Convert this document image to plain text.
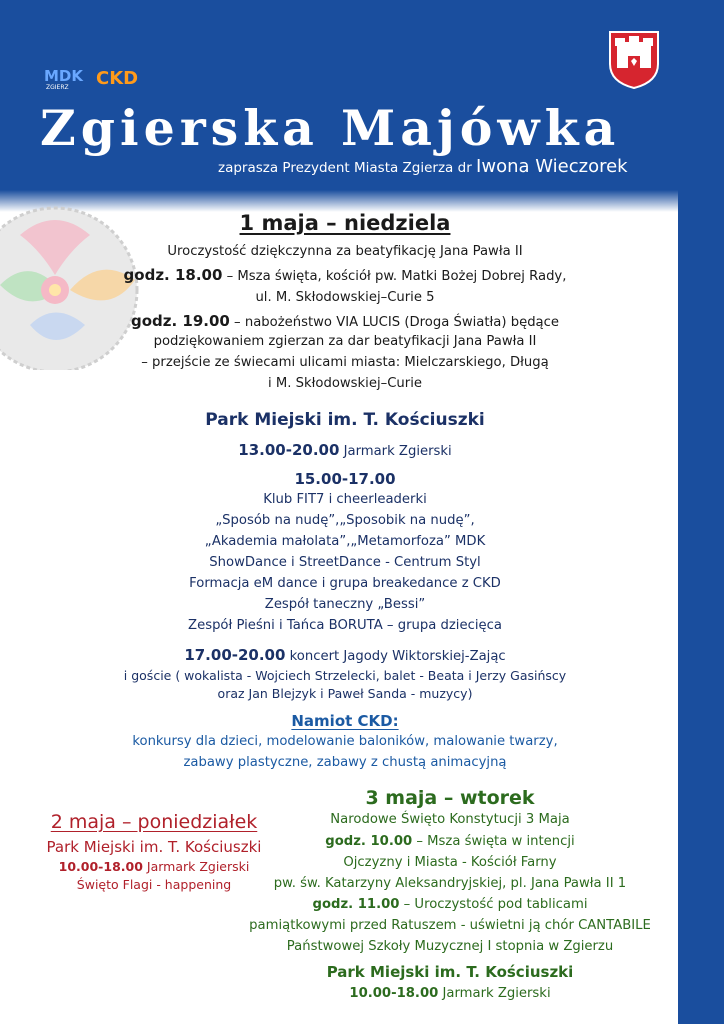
MDK
ZGIERZ CKD
Zgierska Majówka
zaprasza Prezydent Miasta Zgierza dr Iwona Wieczorek
1 maja – niedziela
Uroczystość dziękczynna za beatyfikację Jana Pawła II
godz. 18.00 – Msza święta, kościół pw. Matki Bożej Dobrej Rady,
ul. M. Skłodowskiej–Curie 5
godz. 19.00 – nabożeństwo VIA LUCIS (Droga Światła) będące
podziękowaniem zgierzan za dar beatyfikacji Jana Pawła II
– przejście ze świecami ulicami miasta: Mielczarskiego, Długą
i M. Skłodowskiej–Curie
Park Miejski im. T. Kościuszki
13.00-20.00 Jarmark Zgierski
15.00-17.00
Klub FIT7 i cheerleaderki
„Sposób na nudę”,„Sposobik na nudę”,
„Akademia małolata”,„Metamorfoza” MDK
ShowDance i StreetDance - Centrum Styl
Formacja eM dance i grupa breakedance z CKD
Zespół taneczny „Bessi”
Zespół Pieśni i Tańca BORUTA – grupa dziecięca
17.00-20.00 koncert Jagody Wiktorskiej-Zając
i goście ( wokalista - Wojciech Strzelecki, balet - Beata i Jerzy Gasińscy
oraz Jan Blejzyk i Paweł Sanda - muzycy)
Namiot CKD:
konkursy dla dzieci, modelowanie baloników, malowanie twarzy,
zabawy plastyczne, zabawy z chustą animacyjną
2 maja – poniedziałek
Park Miejski im. T. Kościuszki
10.00-18.00 Jarmark Zgierski
Święto Flagi - happening
3 maja – wtorek
Narodowe Święto Konstytucji 3 Maja
godz. 10.00 – Msza święta w intencji
Ojczyzny i Miasta - Kościół Farny
pw. św. Katarzyny Aleksandryjskiej, pl. Jana Pawła II 1
godz. 11.00 – Uroczystość pod tablicami
pamiątkowymi przed Ratuszem - uświetni ją chór CANTABILE
Państwowej Szkoły Muzycznej I stopnia w Zgierzu
Park Miejski im. T. Kościuszki
10.00-18.00 Jarmark Zgierski
